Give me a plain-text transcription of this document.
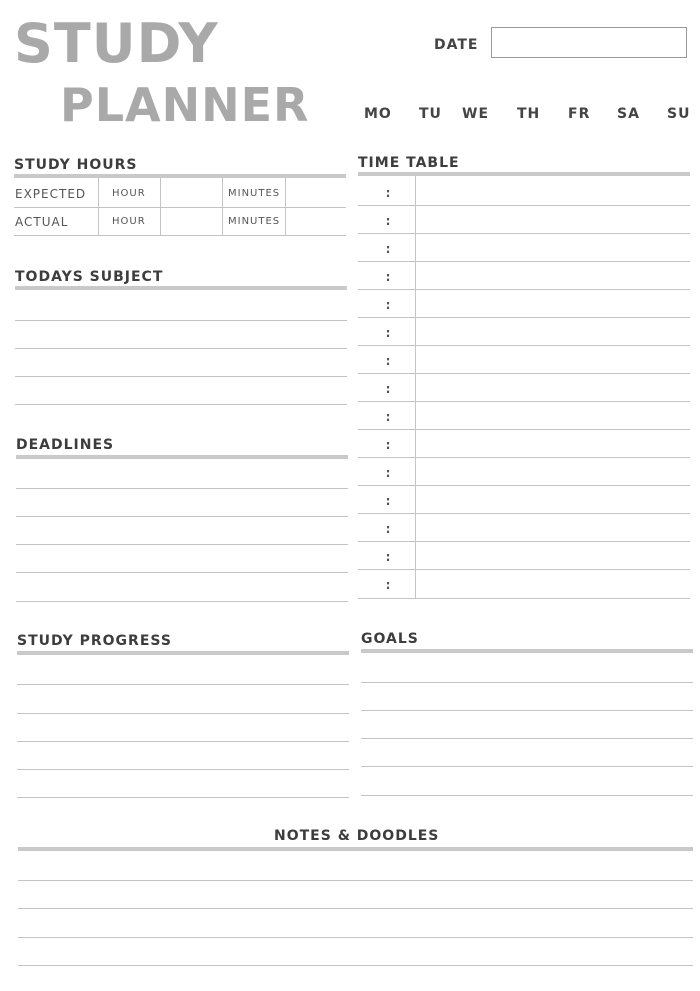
STUDY
PLANNER
DATE
MO TU WE TH FR SA SU
STUDY HOURS
EXPECTED	HOUR	MINUTES
ACTUAL	HOUR	MINUTES
TODAYS SUBJECT
DEADLINES
TIME TABLE
:
:
:
:
:
:
:
:
:
:
:
:
:
:
:
STUDY PROGRESS	GOALS
NOTES & DOODLES
